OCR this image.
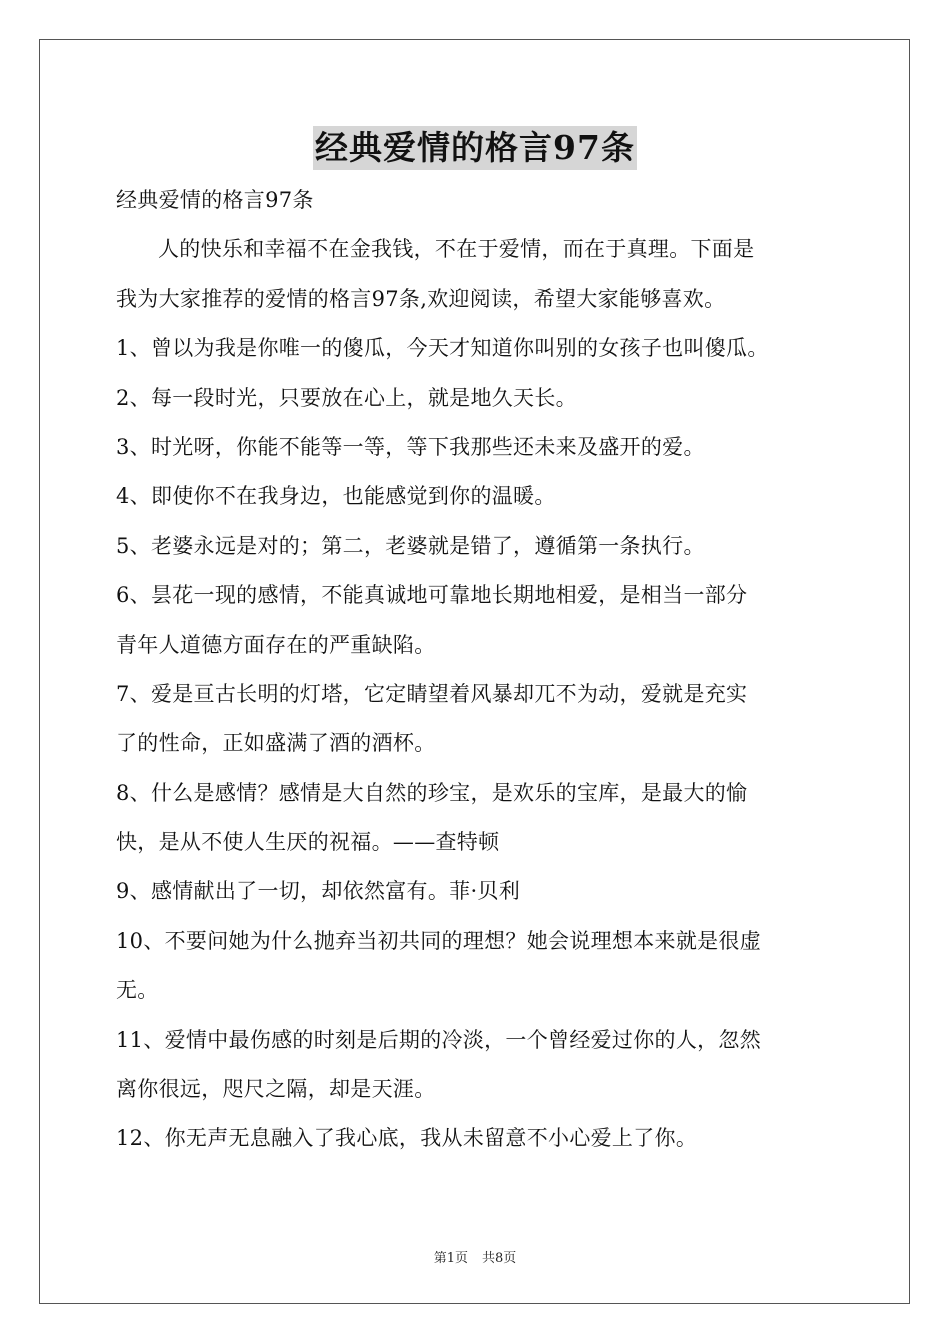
经典爱情的格言97条
经典爱情的格言97条
人的快乐和幸福不在金我钱，不在于爱情，而在于真理。下面是
我为大家推荐的爱情的格言97条,欢迎阅读，希望大家能够喜欢。
1、曾以为我是你唯一的傻瓜，今天才知道你叫别的女孩子也叫傻瓜。
2、每一段时光，只要放在心上，就是地久天长。
3、时光呀，你能不能等一等，等下我那些还未来及盛开的爱。
4、即使你不在我身边，也能感觉到你的温暖。
5、老婆永远是对的；第二，老婆就是错了，遵循第一条执行。
6、昙花一现的感情，不能真诚地可靠地长期地相爱，是相当一部分
青年人道德方面存在的严重缺陷。
7、爱是亘古长明的灯塔，它定睛望着风暴却兀不为动，爱就是充实
了的性命，正如盛满了酒的酒杯。
8、什么是感情？感情是大自然的珍宝，是欢乐的宝库，是最大的愉
快，是从不使人生厌的祝福。——查特顿
9、感情献出了一切，却依然富有。菲·贝利
10、不要问她为什么抛弃当初共同的理想？她会说理想本来就是很虚
无。
11、爱情中最伤感的时刻是后期的冷淡，一个曾经爱过你的人，忽然
离你很远，咫尺之隔，却是天涯。
12、你无声无息融入了我心底，我从未留意不小心爱上了你。
第1页 共8页
